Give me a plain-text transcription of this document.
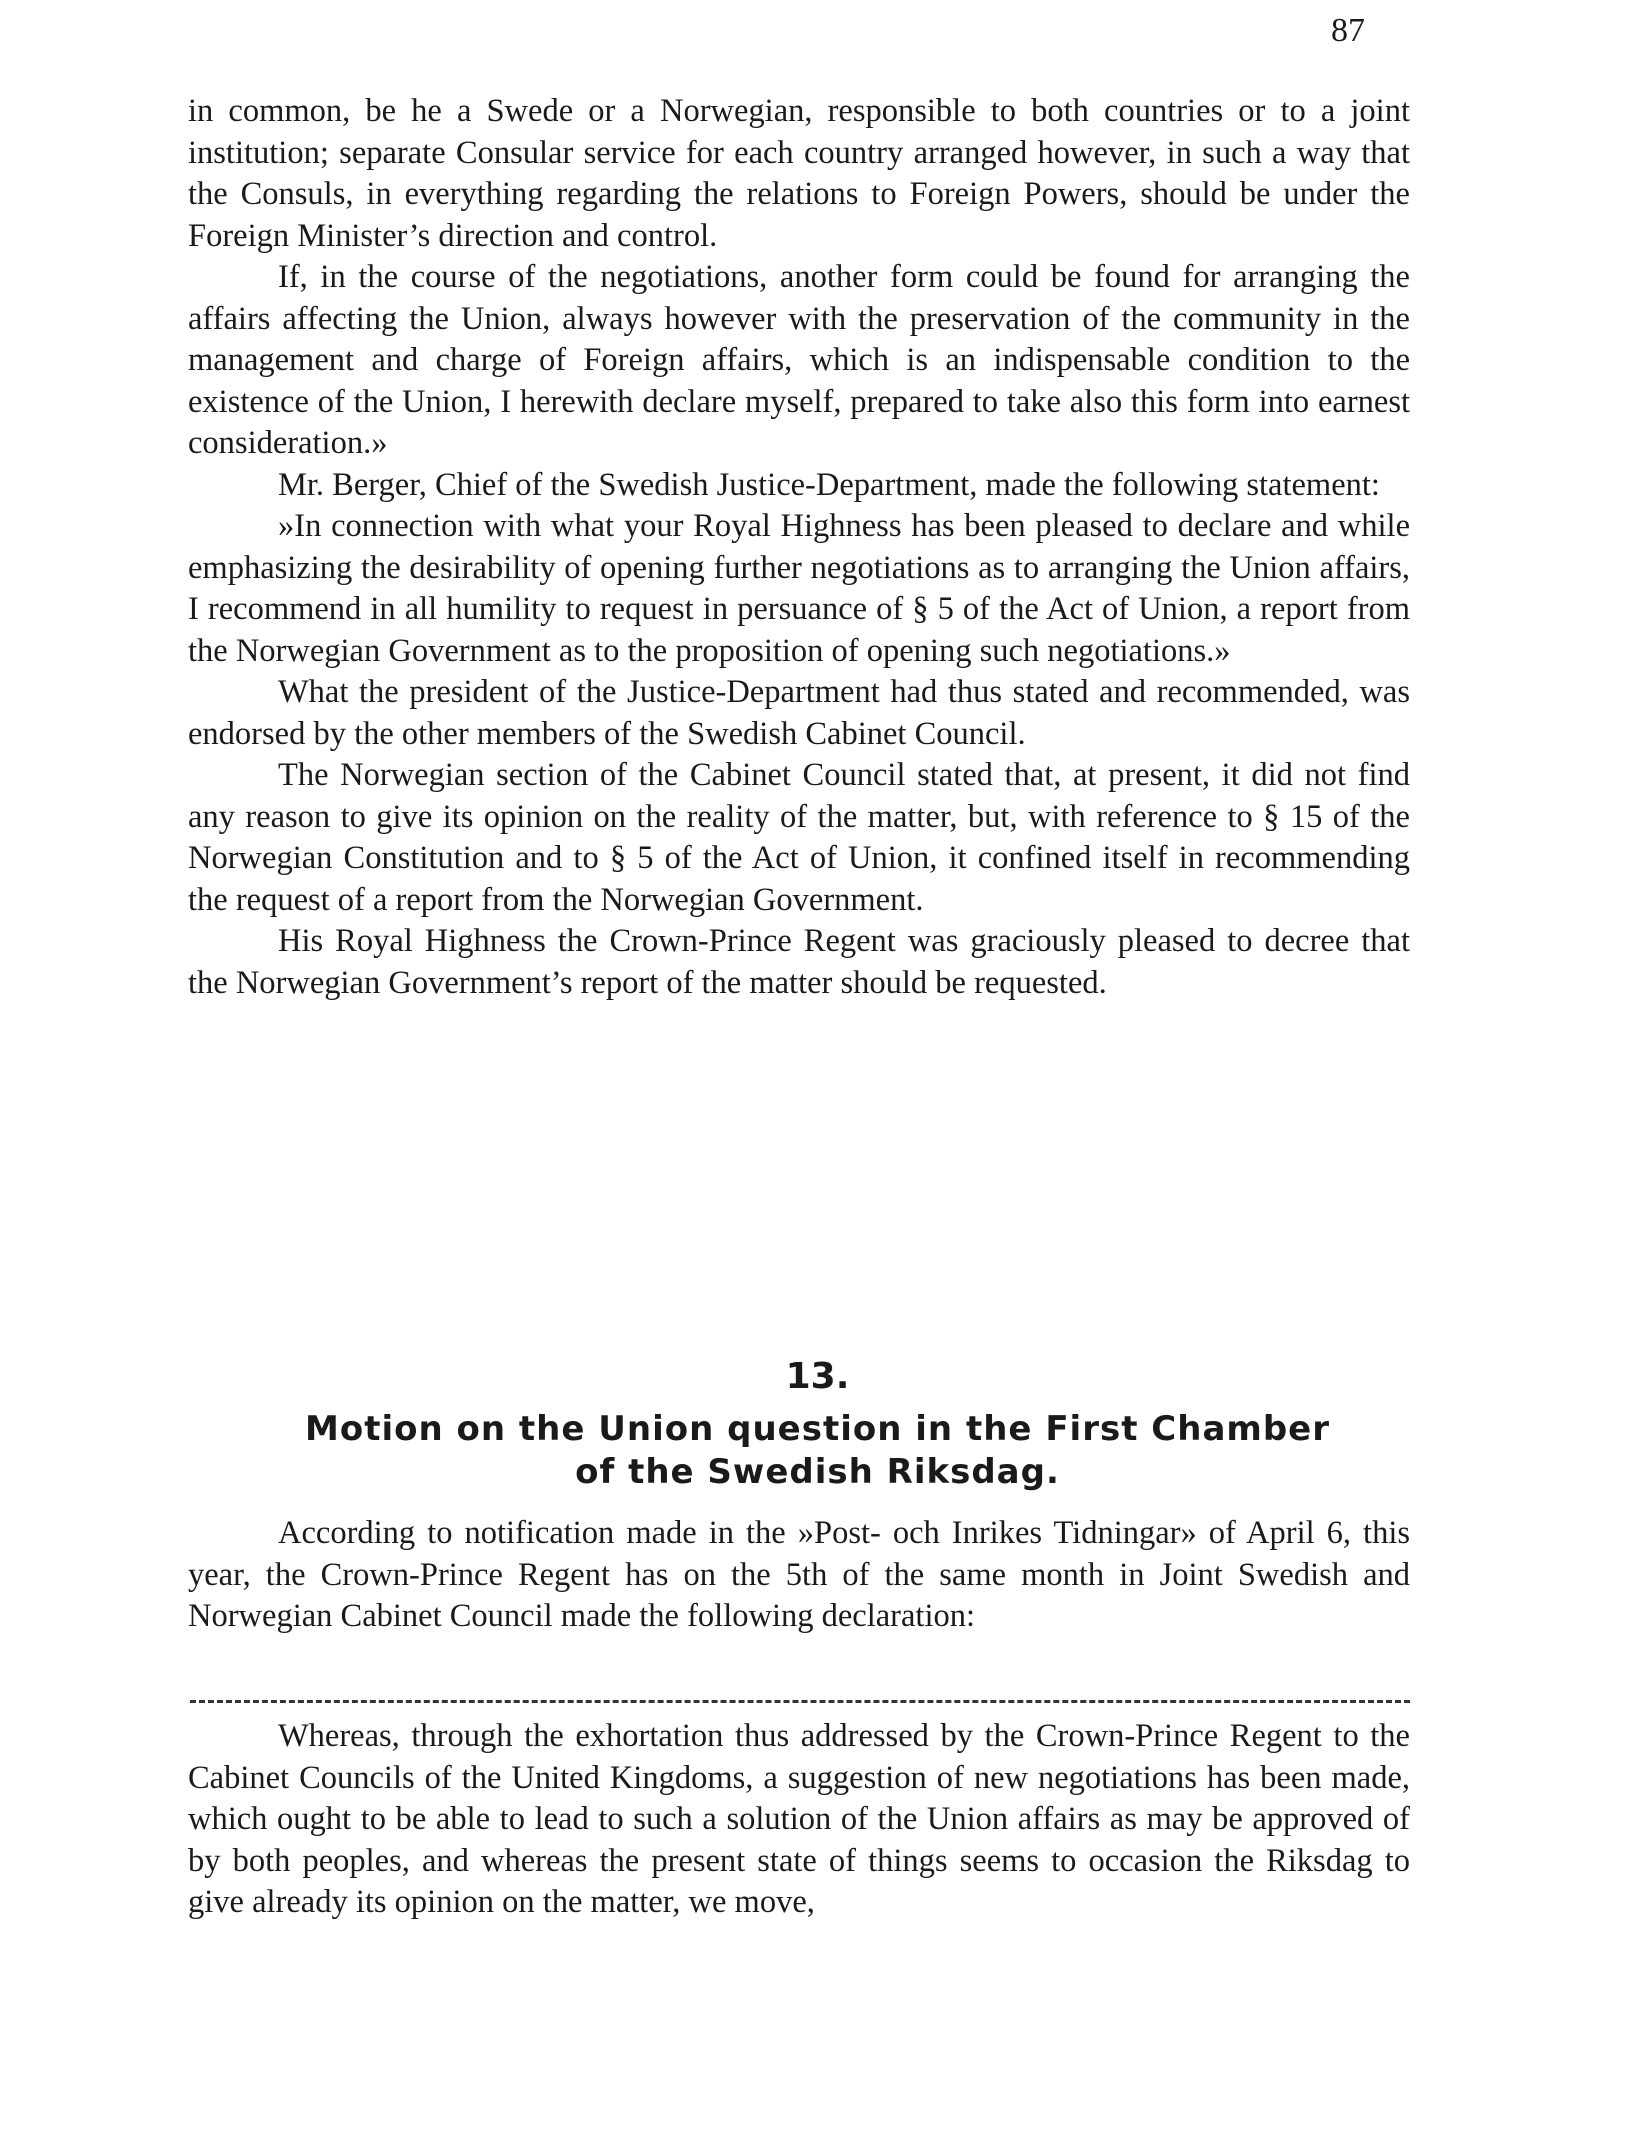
87

in common, be he a Swede or a Norwegian, responsible to both countries or to a joint institution; separate Consular service for each country arranged however, in such a way that the Consuls, in everything regarding the relations to Foreign Powers, should be under the Foreign Minister’s direction and control.

If, in the course of the negotiations, another form could be found for arranging the affairs affecting the Union, always however with the preservation of the community in the management and charge of Foreign affairs, which is an indispensable condition to the existence of the Union, I herewith declare myself, prepared to take also this form into earnest consideration.»

Mr. Berger, Chief of the Swedish Justice-Department, made the following statement:

»In connection with what your Royal Highness has been pleased to declare and while emphasizing the desirability of opening further negotiations as to arranging the Union affairs, I recommend in all humility to request in persuance of § 5 of the Act of Union, a report from the Norwegian Government as to the proposition of opening such negotiations.»

What the president of the Justice-Department had thus stated and recommended, was endorsed by the other members of the Swedish Cabinet Council.

The Norwegian section of the Cabinet Council stated that, at present, it did not find any reason to give its opinion on the reality of the matter, but, with reference to § 15 of the Norwegian Constitution and to § 5 of the Act of Union, it confined itself in recommending the request of a report from the Norwegian Government.

His Royal Highness the Crown-Prince Regent was graciously pleased to decree that the Norwegian Government’s report of the matter should be requested.

13.
Motion on the Union question in the First Chamber
of the Swedish Riksdag.

According to notification made in the »Post- och Inrikes Tidningar» of April 6, this year, the Crown-Prince Regent has on the 5th of the same month in Joint Swedish and Norwegian Cabinet Council made the following declaration:

Whereas, through the exhortation thus addressed by the Crown-Prince Regent to the Cabinet Councils of the United Kingdoms, a suggestion of new negotiations has been made, which ought to be able to lead to such a solution of the Union affairs as may be approved of by both peoples, and whereas the present state of things seems to occasion the Riksdag to give already its opinion on the matter, we move,
